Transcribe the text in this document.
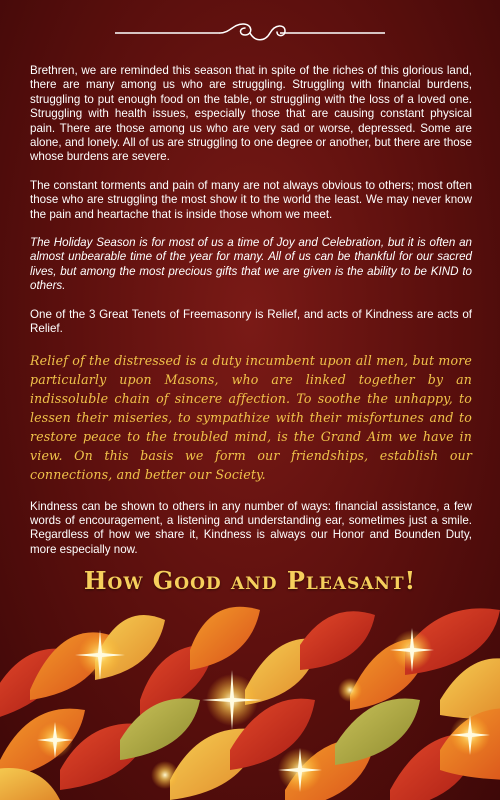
Brethren, we are reminded this season that in spite of the riches of this glorious land, there are many among us who are struggling. Struggling with financial burdens, struggling to put enough food on the table, or struggling with the loss of a loved one. Struggling with health issues, especially those that are causing constant physical pain. There are those among us who are very sad or worse, depressed. Some are alone, and lonely. All of us are struggling to one degree or another, but there are those whose burdens are severe.

The constant torments and pain of many are not always obvious to others; most often those who are struggling the most show it to the world the least. We may never know the pain and heartache that is inside those whom we meet.

The Holiday Season is for most of us a time of Joy and Celebration, but it is often an almost unbearable time of the year for many. All of us can be thankful for our sacred lives, but among the most precious gifts that we are given is the ability to be KIND to others.

One of the 3 Great Tenets of Freemasonry is Relief, and acts of Kindness are acts of Relief.

Relief of the distressed is a duty incumbent upon all men, but more particularly upon Masons, who are linked together by an indissoluble chain of sincere affection. To soothe the unhappy, to lessen their miseries, to sympathize with their misfortunes and to restore peace to the troubled mind, is the Grand Aim we have in view. On this basis we form our friendships, establish our connections, and better our Society.

Kindness can be shown to others in any number of ways: financial assistance, a few words of encouragement, a listening and understanding ear, sometimes just a smile. Regardless of how we share it, Kindness is always our Honor and Bounden Duty, more especially now.

How Good and Pleasant!
